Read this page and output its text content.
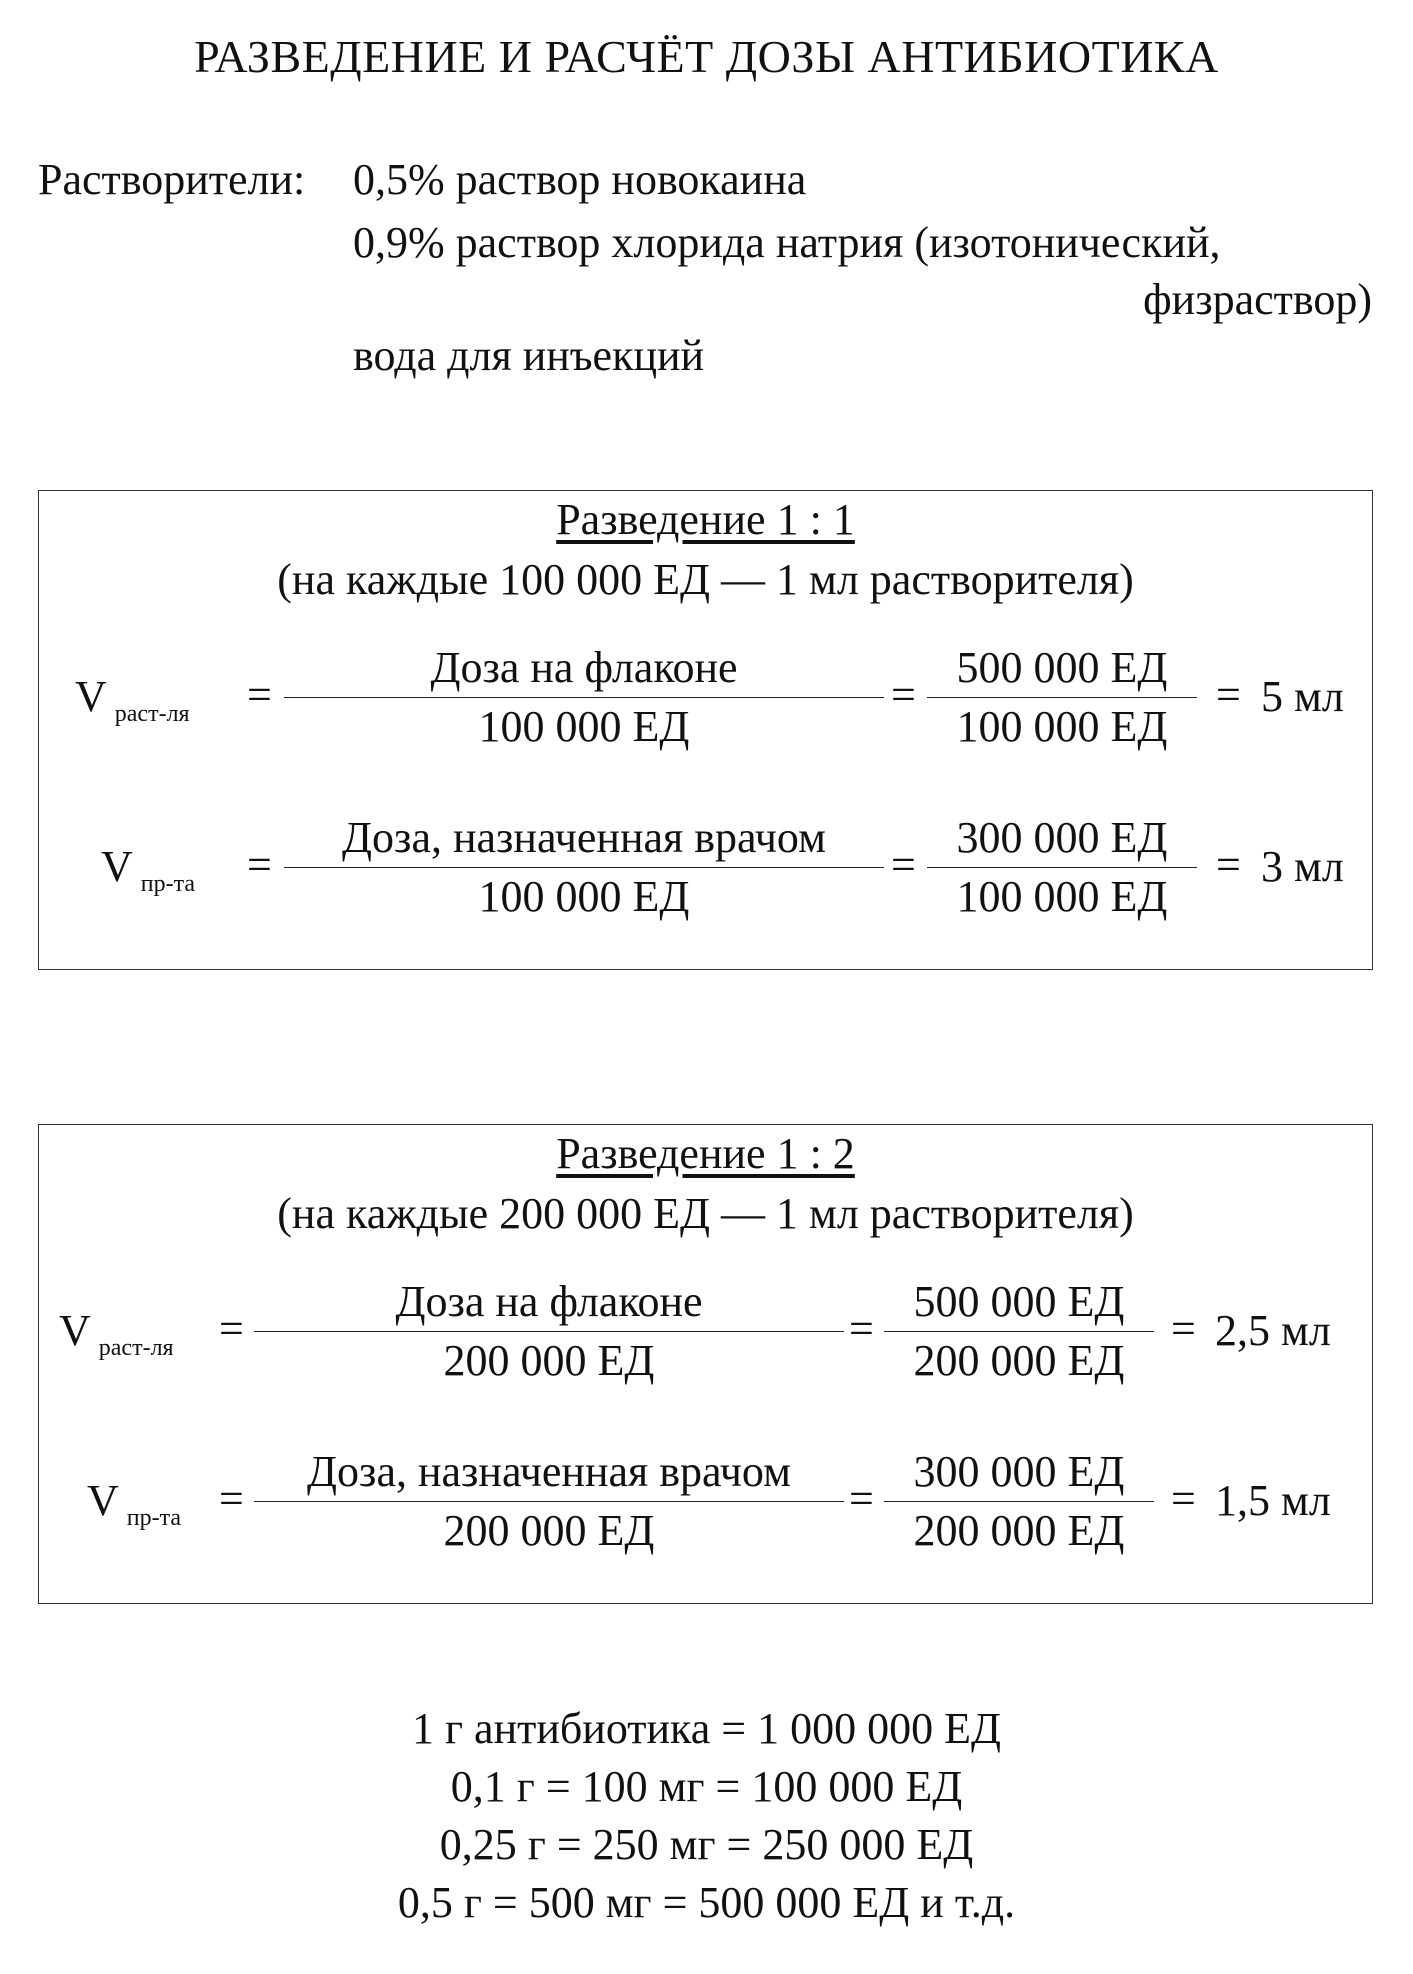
РАЗВЕДЕНИЕ И РАСЧЁТ ДОЗЫ АНТИБИОТИКА
Растворители: 0,5% раствор новокаина
0,9% раствор хлорида натрия (изотонический,
физраствор)
вода для инъекций
Разведение 1 : 1
(на каждые 100 000 ЕД — 1 мл растворителя)
V $_{раст-ля}$ =
Доза на флаконе
100 000 ЕД
=
500 000 ЕД
100 000 ЕД
= 5 мл
V $_{пр-та}$ =
Доза, назначенная врачом
100 000 ЕД
=
300 000 ЕД
100 000 ЕД
= 3 мл
Разведение 1 : 2
(на каждые 200 000 ЕД — 1 мл растворителя)
V $_{раст-ля}$ =
Доза на флаконе
200 000 ЕД
=
500 000 ЕД
200 000 ЕД
= 2,5 мл
V $_{пр-та}$ =
Доза, назначенная врачом
200 000 ЕД
=
300 000 ЕД
200 000 ЕД
= 1,5 мл
1 г антибиотика = 1 000 000 ЕД
0,1 г = 100 мг = 100 000 ЕД
0,25 г = 250 мг = 250 000 ЕД
0,5 г = 500 мг = 500 000 ЕД и т.д.
